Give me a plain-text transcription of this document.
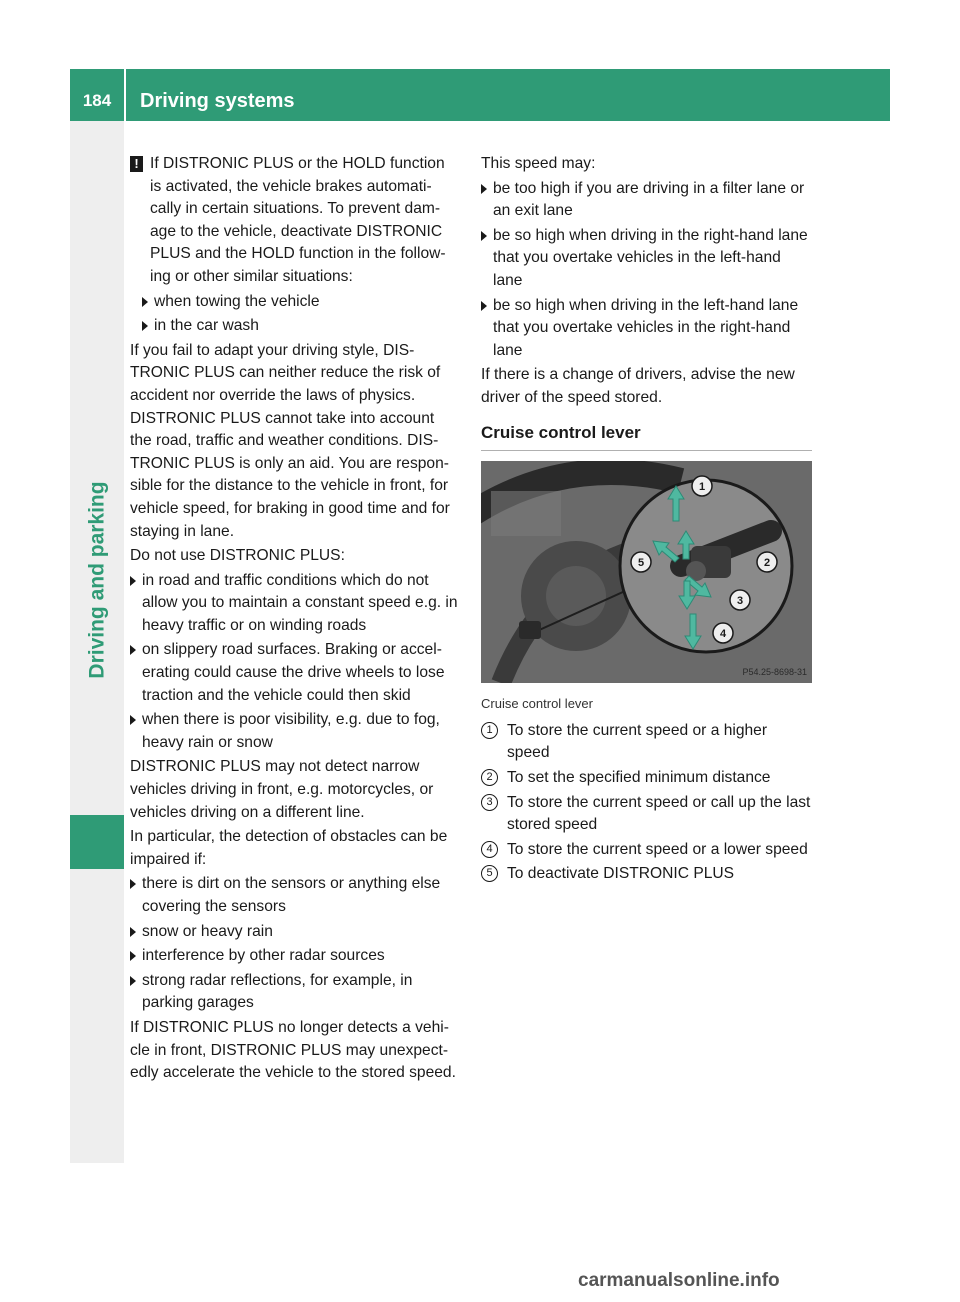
184	Driving systems
Driving and parking
! If DISTRONIC PLUS or the HOLD function is activated, the vehicle brakes automati-cally in certain situations. To prevent dam-age to the vehicle, deactivate DISTRONIC PLUS and the HOLD function in the follow-ing or other similar situations:
when towing the vehicle
in the car wash

If you fail to adapt your driving style, DIS-TRONIC PLUS can neither reduce the risk of accident nor override the laws of physics. DISTRONIC PLUS cannot take into account the road, traffic and weather conditions. DIS-TRONIC PLUS is only an aid. You are respon-sible for the distance to the vehicle in front, for vehicle speed, for braking in good time and for staying in lane.

Do not use DISTRONIC PLUS:

in road and traffic conditions which do not allow you to maintain a constant speed e.g. in heavy traffic or on winding roads
on slippery road surfaces. Braking or accel-erating could cause the drive wheels to lose traction and the vehicle could then skid
when there is poor visibility, e.g. due to fog, heavy rain or snow

DISTRONIC PLUS may not detect narrow vehicles driving in front, e.g. motorcycles, or vehicles driving on a different line.

In particular, the detection of obstacles can be impaired if:

there is dirt on the sensors or anything else covering the sensors
snow or heavy rain
interference by other radar sources
strong radar reflections, for example, in parking garages

If DISTRONIC PLUS no longer detects a vehi-cle in front, DISTRONIC PLUS may unexpect-edly accelerate the vehicle to the stored speed.

This speed may:

be too high if you are driving in a filter lane or an exit lane
be so high when driving in the right-hand lane that you overtake vehicles in the left-hand lane
be so high when driving in the left-hand lane that you overtake vehicles in the right-hand lane

If there is a change of drivers, advise the new driver of the speed stored.

Cruise control lever
1
2
3
4
5
P54.25-8698-31
Cruise control lever
1 To store the current speed or a higher speed
2 To set the specified minimum distance
3 To store the current speed or call up the last stored speed
4 To store the current speed or a lower speed
5 To deactivate DISTRONIC PLUS
carmanualsonline.info
